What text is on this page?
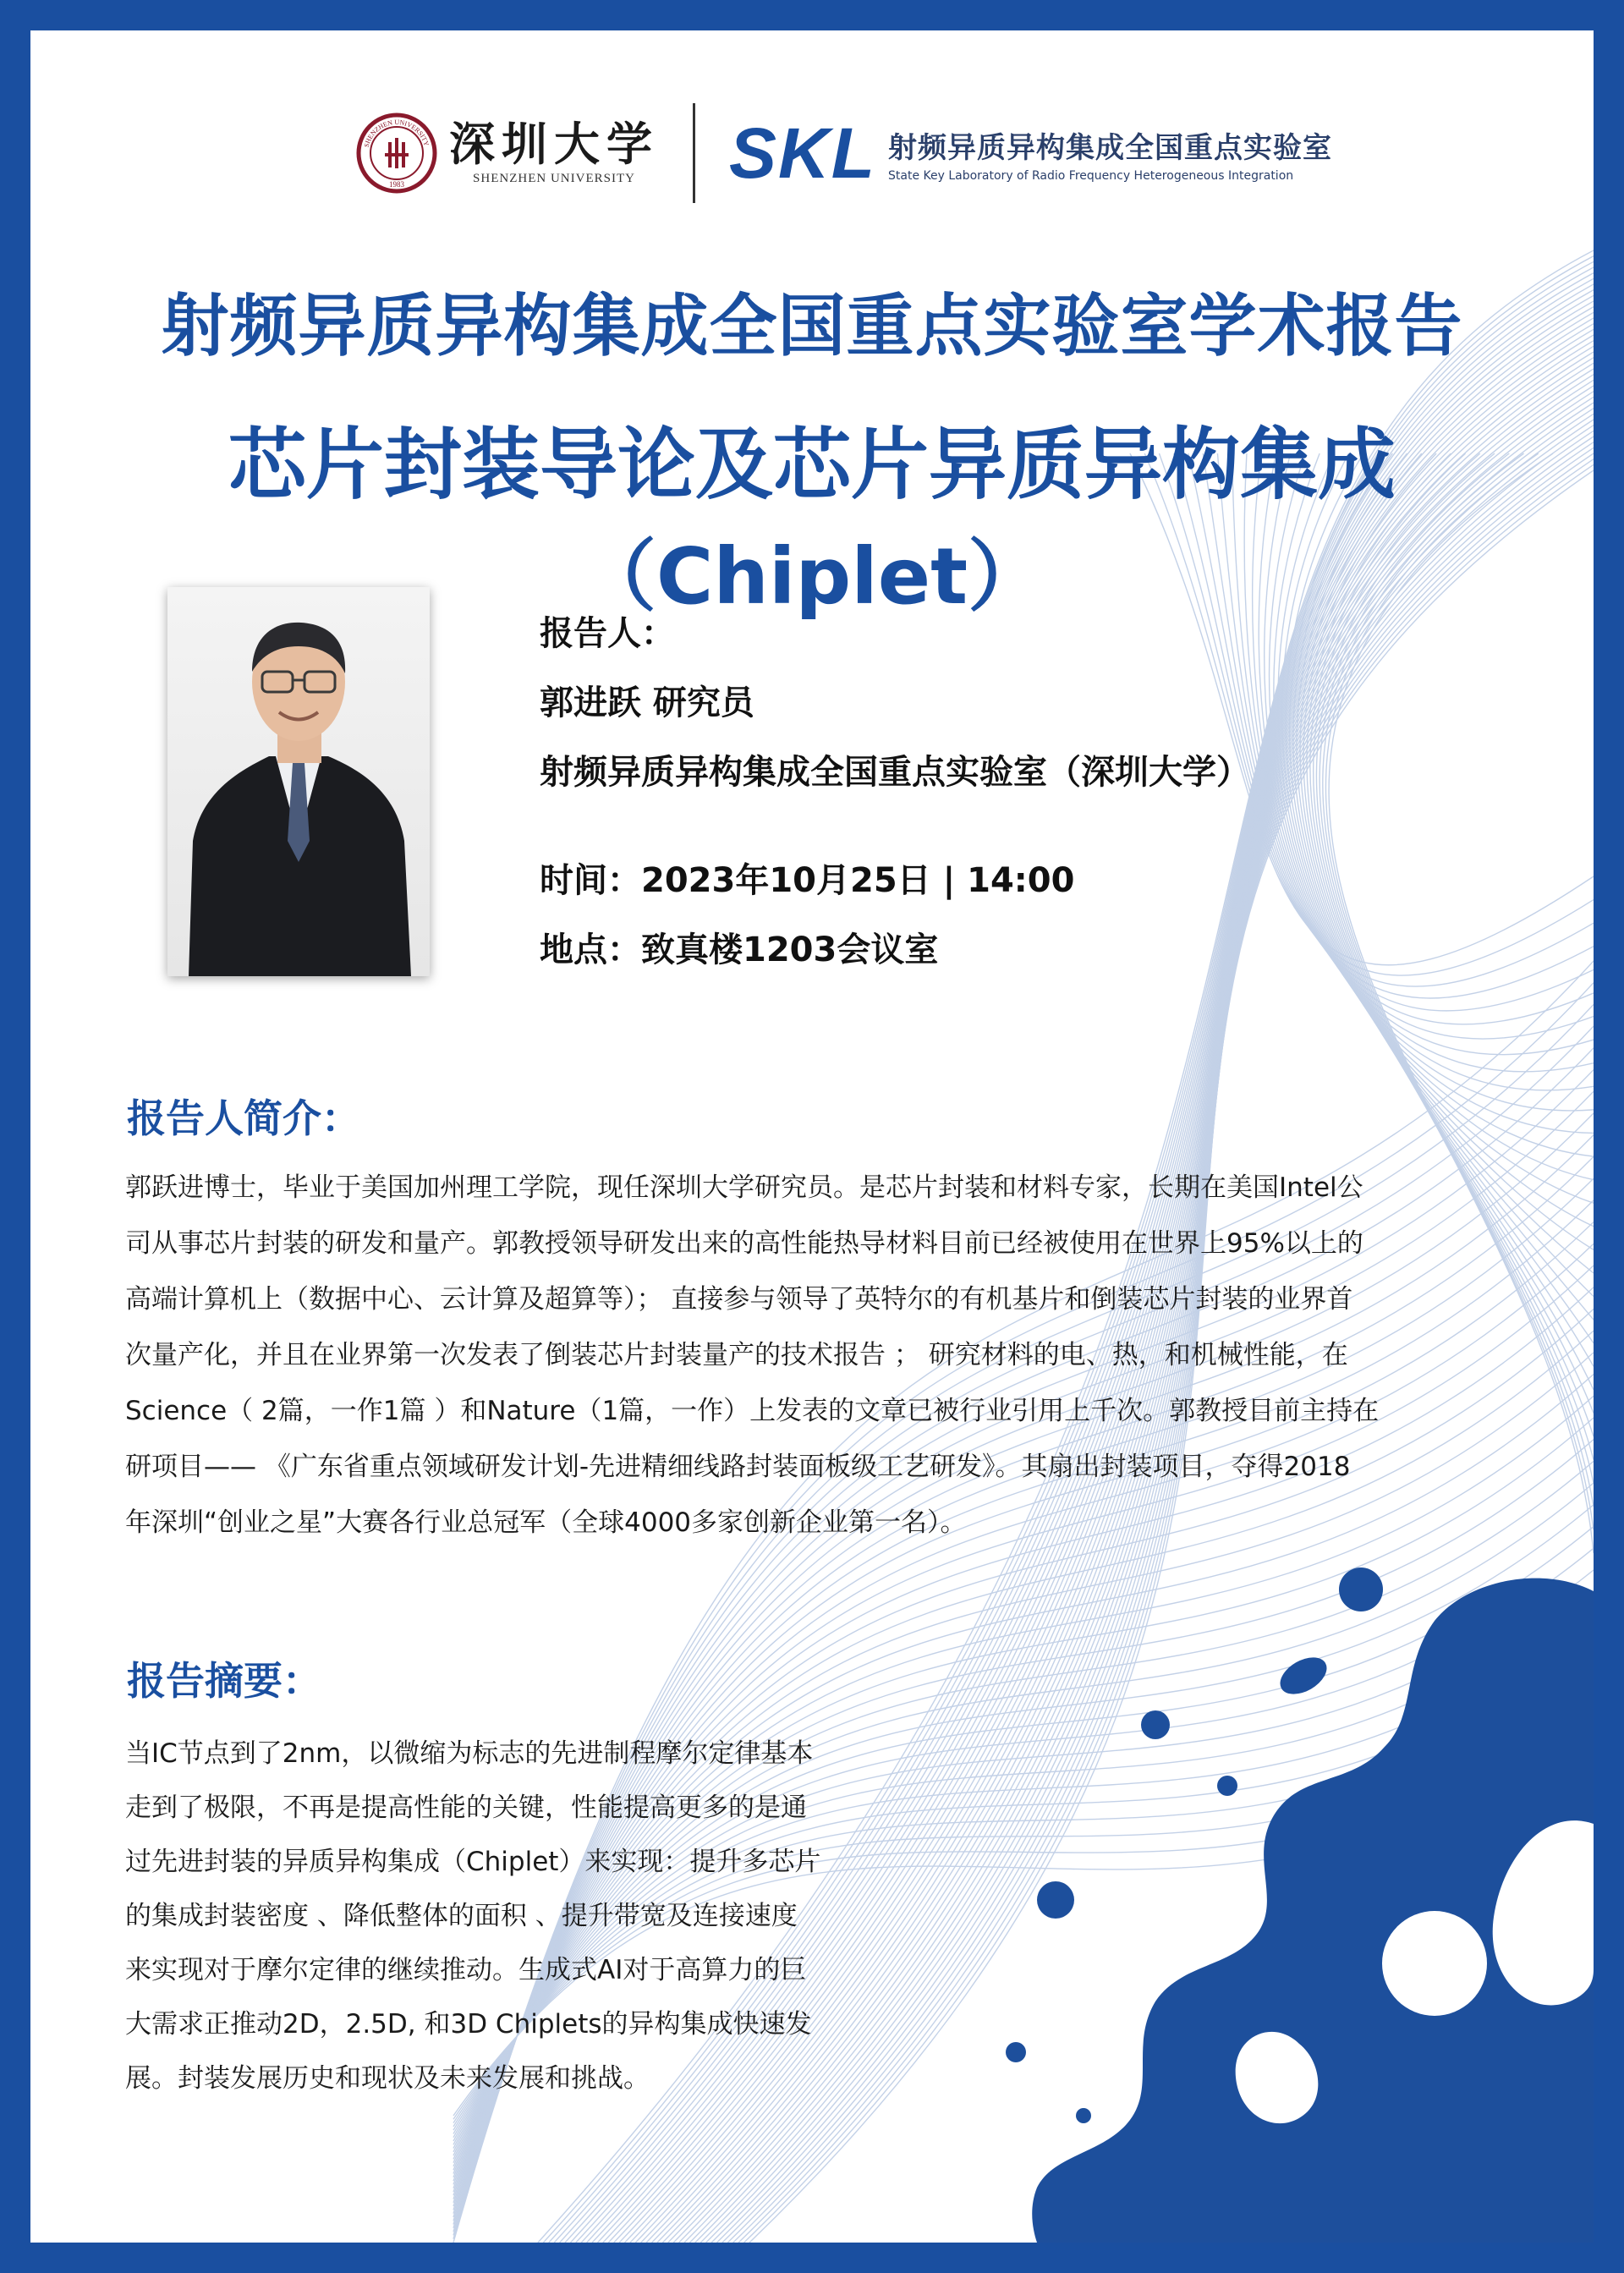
SHENZHEN UNIVERSITY
1983
深圳大学
SHENZHEN UNIVERSITY SKL 射频异质异构集成全国重点实验室
State Key Laboratory of Radio Frequency Heterogeneous Integration
射频异质异构集成全国重点实验室学术报告
芯片封装导论及芯片异质异构集成（Chiplet）
报告人：
郭进跃 研究员
射频异质异构集成全国重点实验室（深圳大学）
时间：2023年10月25日 | 14:00
地点：致真楼1203会议室
报告人简介：
郭跃进博士，毕业于美国加州理工学院，现任深圳大学研究员。是芯片封装和材料专家，长期在美国Intel公
司从事芯片封装的研发和量产。郭教授领导研发出来的高性能热导材料目前已经被使用在世界上95%以上的
高端计算机上（数据中心、云计算及超算等）； 直接参与领导了英特尔的有机基片和倒装芯片封装的业界首
次量产化，并且在业界第一次发表了倒装芯片封装量产的技术报告 ； 研究材料的电、热，和机械性能，在
Science（ 2篇，一作1篇 ）和Nature（1篇，一作）上发表的文章已被行业引用上千次。郭教授目前主持在
研项目—— 《广东省重点领域研发计划-先进精细线路封装面板级工艺研发》。其扇出封装项目，夺得2018
年深圳“创业之星”大赛各行业总冠军（全球4000多家创新企业第一名）。
报告摘要：
当IC节点到了2nm，以微缩为标志的先进制程摩尔定律基本
走到了极限，不再是提高性能的关键，性能提高更多的是通
过先进封装的异质异构集成（Chiplet）来实现：提升多芯片
的集成封装密度 、降低整体的面积 、提升带宽及连接速度
来实现对于摩尔定律的继续推动。生成式AI对于高算力的巨
大需求正推动2D，2.5D, 和3D Chiplets的异构集成快速发
展。封装发展历史和现状及未来发展和挑战。
